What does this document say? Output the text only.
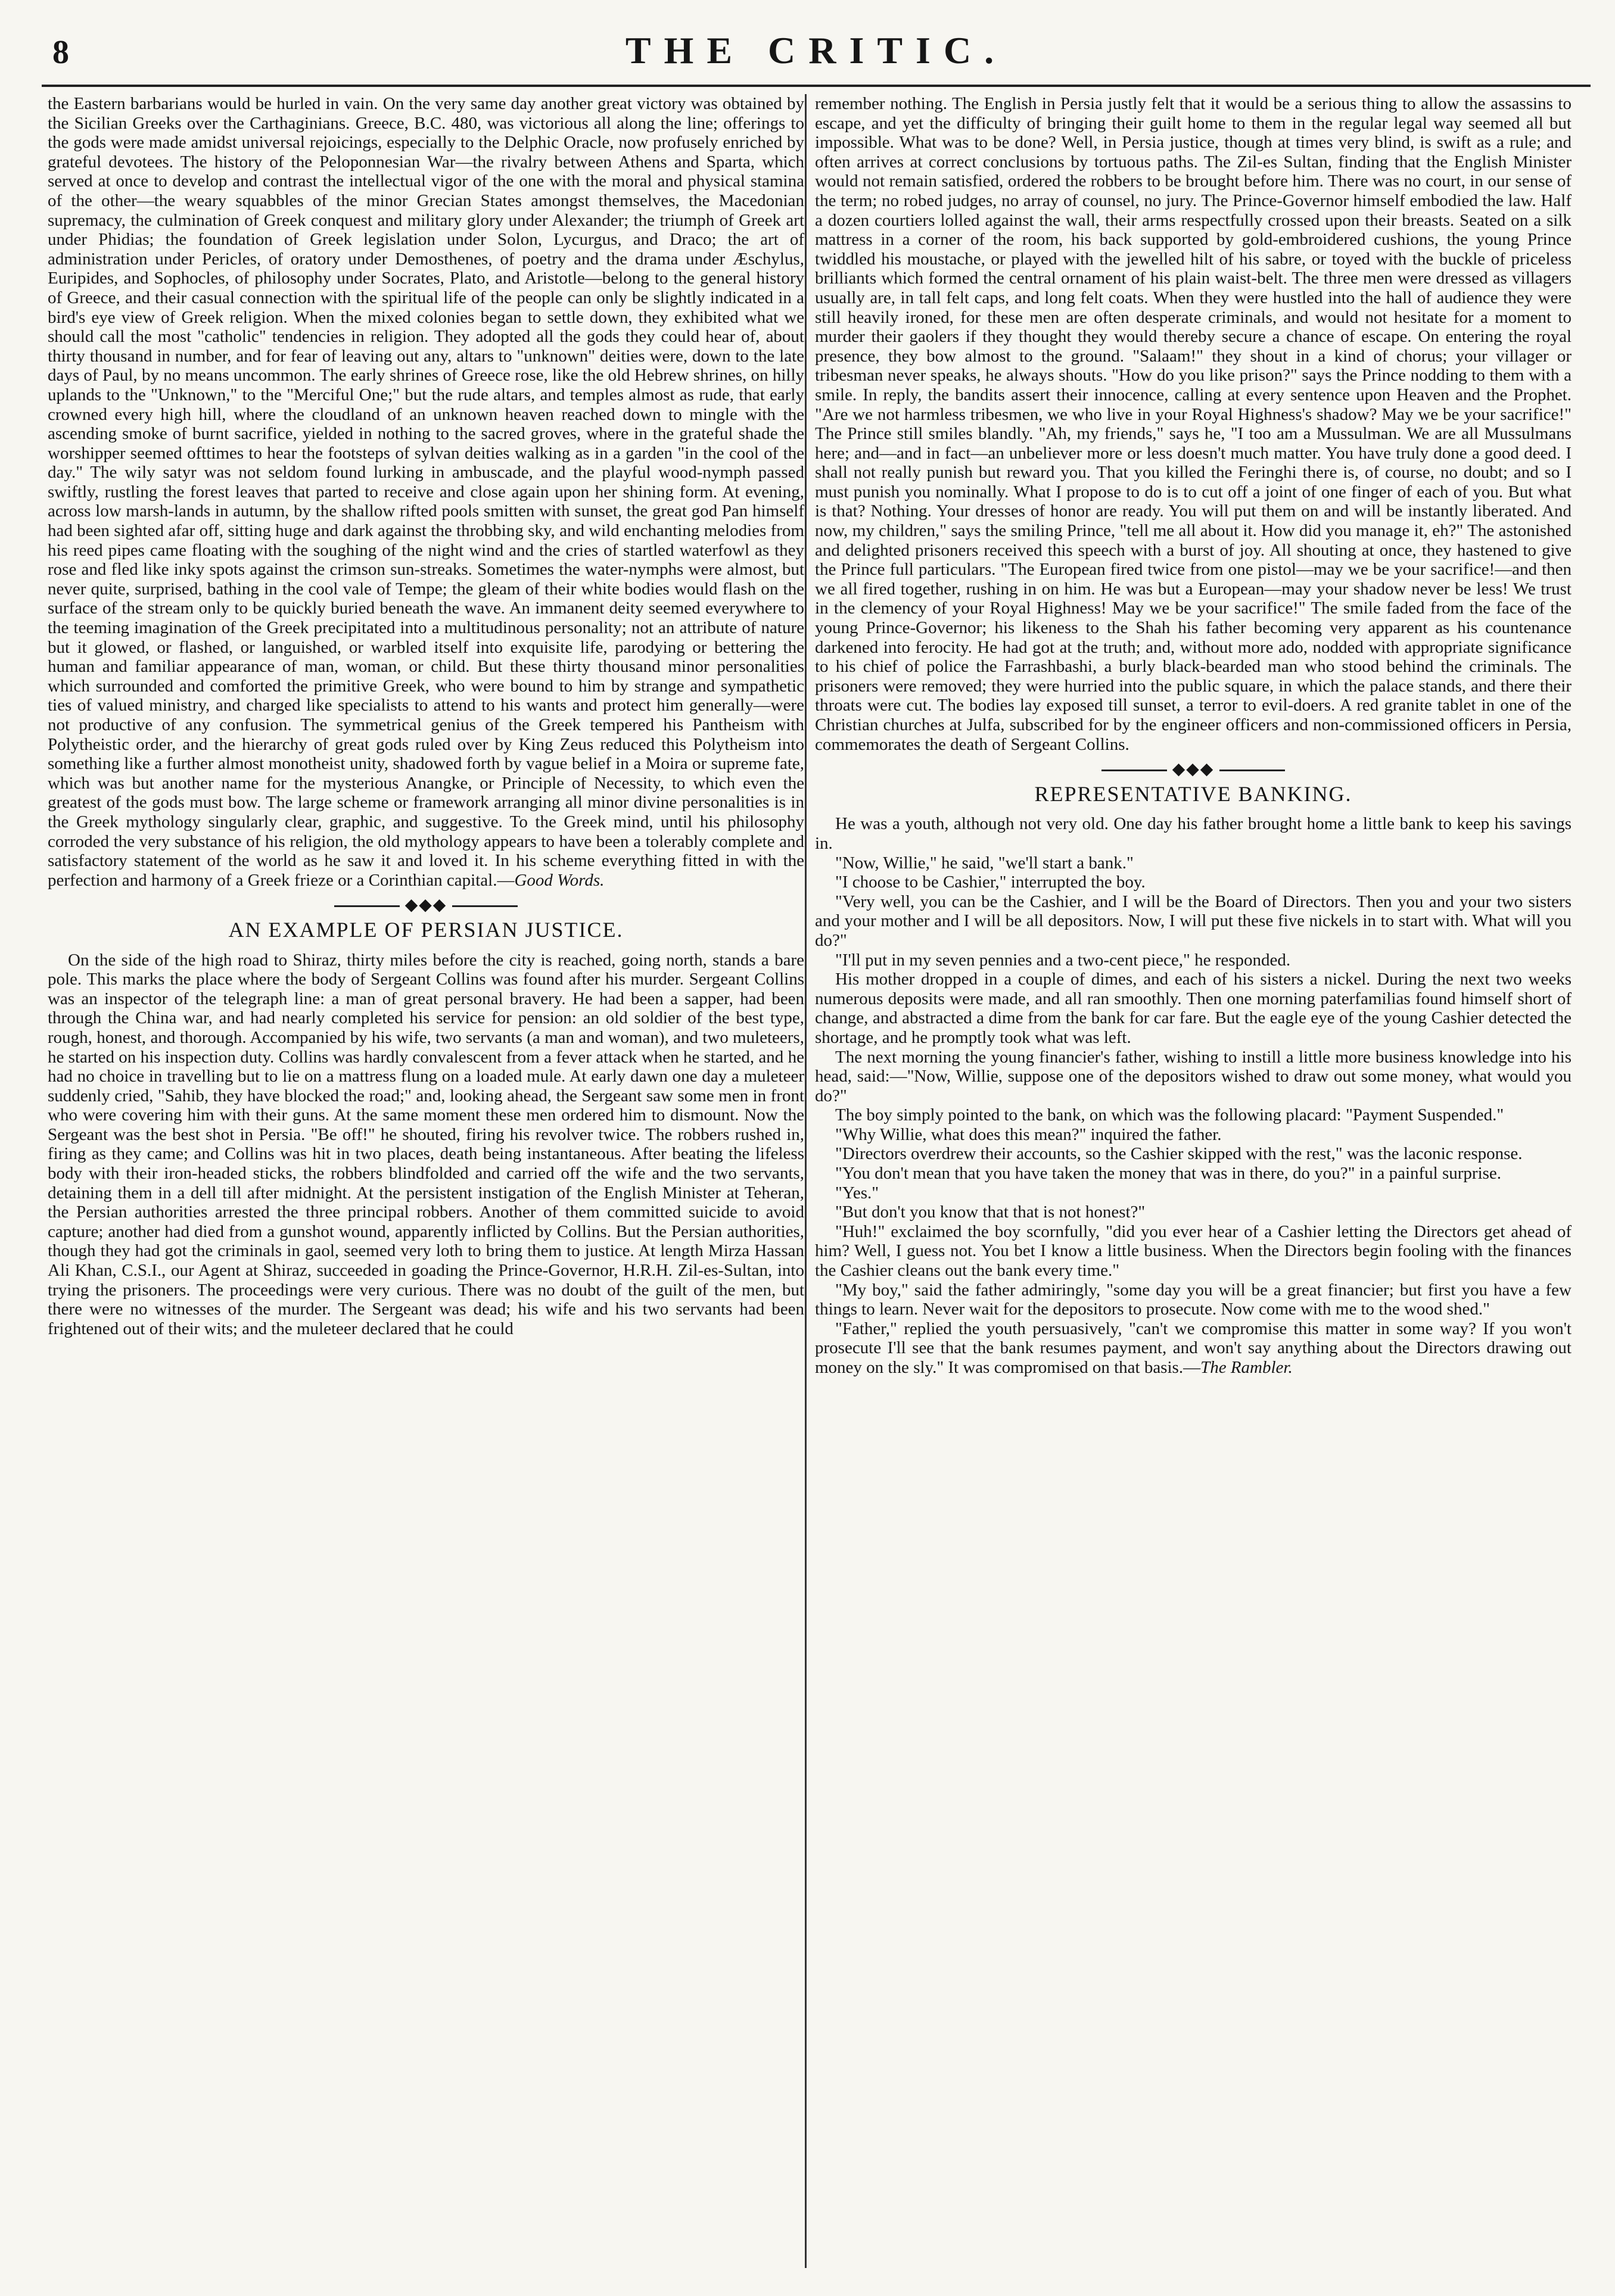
8	THE CRITIC.

the Eastern barbarians would be hurled in vain. On the very same day another great victory was obtained by the Sicilian Greeks over the Carthaginians. Greece, B.C. 480, was victorious all along the line; offerings to the gods were made amidst universal rejoicings, especially to the Delphic Oracle, now profusely enriched by grateful devotees. The history of the Peloponnesian War—the rivalry between Athens and Sparta, which served at once to develop and contrast the intellectual vigor of the one with the moral and physical stamina of the other—the weary squabbles of the minor Grecian States amongst themselves, the Macedonian supremacy, the culmination of Greek conquest and military glory under Alexander; the triumph of Greek art under Phidias; the foundation of Greek legislation under Solon, Lycurgus, and Draco; the art of administration under Pericles, of oratory under Demosthenes, of poetry and the drama under Æschylus, Euripides, and Sophocles, of philosophy under Socrates, Plato, and Aristotle—belong to the general history of Greece, and their casual connection with the spiritual life of the people can only be slightly indicated in a bird's eye view of Greek religion. When the mixed colonies began to settle down, they exhibited what we should call the most "catholic" tendencies in religion. They adopted all the gods they could hear of, about thirty thousand in number, and for fear of leaving out any, altars to "unknown" deities were, down to the late days of Paul, by no means uncommon. The early shrines of Greece rose, like the old Hebrew shrines, on hilly uplands to the "Unknown," to the "Merciful One;" but the rude altars, and temples almost as rude, that early crowned every high hill, where the cloudland of an unknown heaven reached down to mingle with the ascending smoke of burnt sacrifice, yielded in nothing to the sacred groves, where in the grateful shade the worshipper seemed ofttimes to hear the footsteps of sylvan deities walking as in a garden "in the cool of the day." The wily satyr was not seldom found lurking in ambuscade, and the playful wood-nymph passed swiftly, rustling the forest leaves that parted to receive and close again upon her shining form. At evening, across low marsh-lands in autumn, by the shallow rifted pools smitten with sunset, the great god Pan himself had been sighted afar off, sitting huge and dark against the throbbing sky, and wild enchanting melodies from his reed pipes came floating with the soughing of the night wind and the cries of startled waterfowl as they rose and fled like inky spots against the crimson sun-streaks. Sometimes the water-nymphs were almost, but never quite, surprised, bathing in the cool vale of Tempe; the gleam of their white bodies would flash on the surface of the stream only to be quickly buried beneath the wave. An immanent deity seemed everywhere to the teeming imagination of the Greek precipitated into a multitudinous personality; not an attribute of nature but it glowed, or flashed, or languished, or warbled itself into exquisite life, parodying or bettering the human and familiar appearance of man, woman, or child. But these thirty thousand minor personalities which surrounded and comforted the primitive Greek, who were bound to him by strange and sympathetic ties of valued ministry, and charged like specialists to attend to his wants and protect him generally—were not productive of any confusion. The symmetrical genius of the Greek tempered his Pantheism with Polytheistic order, and the hierarchy of great gods ruled over by King Zeus reduced this Polytheism into something like a further almost monotheist unity, shadowed forth by vague belief in a Moira or supreme fate, which was but another name for the mysterious Anangke, or Principle of Necessity, to which even the greatest of the gods must bow. The large scheme or framework arranging all minor divine personalities is in the Greek mythology singularly clear, graphic, and suggestive. To the Greek mind, until his philosophy corroded the very substance of his religion, the old mythology appears to have been a tolerably complete and satisfactory statement of the world as he saw it and loved it. In his scheme everything fitted in with the perfection and harmony of a Greek frieze or a Corinthian capital.—Good Words.

◆◆◆
AN EXAMPLE OF PERSIAN JUSTICE.

On the side of the high road to Shiraz, thirty miles before the city is reached, going north, stands a bare pole. This marks the place where the body of Sergeant Collins was found after his murder. Sergeant Collins was an inspector of the telegraph line: a man of great personal bravery. He had been a sapper, had been through the China war, and had nearly completed his service for pension: an old soldier of the best type, rough, honest, and thorough. Accompanied by his wife, two servants (a man and woman), and two muleteers, he started on his inspection duty. Collins was hardly convalescent from a fever attack when he started, and he had no choice in travelling but to lie on a mattress flung on a loaded mule. At early dawn one day a muleteer suddenly cried, "Sahib, they have blocked the road;" and, looking ahead, the Sergeant saw some men in front who were covering him with their guns. At the same moment these men ordered him to dismount. Now the Sergeant was the best shot in Persia. "Be off!" he shouted, firing his revolver twice. The robbers rushed in, firing as they came; and Collins was hit in two places, death being instantaneous. After beating the lifeless body with their iron-headed sticks, the robbers blindfolded and carried off the wife and the two servants, detaining them in a dell till after midnight. At the persistent instigation of the English Minister at Teheran, the Persian authorities arrested the three principal robbers. Another of them committed suicide to avoid capture; another had died from a gunshot wound, apparently inflicted by Collins. But the Persian authorities, though they had got the criminals in gaol, seemed very loth to bring them to justice. At length Mirza Hassan Ali Khan, C.S.I., our Agent at Shiraz, succeeded in goading the Prince-Governor, H.R.H. Zil-es-Sultan, into trying the prisoners. The proceedings were very curious. There was no doubt of the guilt of the men, but there were no witnesses of the murder. The Sergeant was dead; his wife and his two servants had been frightened out of their wits; and the muleteer declared that he could

remember nothing. The English in Persia justly felt that it would be a serious thing to allow the assassins to escape, and yet the difficulty of bringing their guilt home to them in the regular legal way seemed all but impossible. What was to be done? Well, in Persia justice, though at times very blind, is swift as a rule; and often arrives at correct conclusions by tortuous paths. The Zil-es Sultan, finding that the English Minister would not remain satisfied, ordered the robbers to be brought before him. There was no court, in our sense of the term; no robed judges, no array of counsel, no jury. The Prince-Governor himself embodied the law. Half a dozen courtiers lolled against the wall, their arms respectfully crossed upon their breasts. Seated on a silk mattress in a corner of the room, his back supported by gold-embroidered cushions, the young Prince twiddled his moustache, or played with the jewelled hilt of his sabre, or toyed with the buckle of priceless brilliants which formed the central ornament of his plain waist-belt. The three men were dressed as villagers usually are, in tall felt caps, and long felt coats. When they were hustled into the hall of audience they were still heavily ironed, for these men are often desperate criminals, and would not hesitate for a moment to murder their gaolers if they thought they would thereby secure a chance of escape. On entering the royal presence, they bow almost to the ground. "Salaam!" they shout in a kind of chorus; your villager or tribesman never speaks, he always shouts. "How do you like prison?" says the Prince nodding to them with a smile. In reply, the bandits assert their innocence, calling at every sentence upon Heaven and the Prophet. "Are we not harmless tribesmen, we who live in your Royal Highness's shadow? May we be your sacrifice!" The Prince still smiles blandly. "Ah, my friends," says he, "I too am a Mussulman. We are all Mussulmans here; and—and in fact—an unbeliever more or less doesn't much matter. You have truly done a good deed. I shall not really punish but reward you. That you killed the Feringhi there is, of course, no doubt; and so I must punish you nominally. What I propose to do is to cut off a joint of one finger of each of you. But what is that? Nothing. Your dresses of honor are ready. You will put them on and will be instantly liberated. And now, my children," says the smiling Prince, "tell me all about it. How did you manage it, eh?" The astonished and delighted prisoners received this speech with a burst of joy. All shouting at once, they hastened to give the Prince full particulars. "The European fired twice from one pistol—may we be your sacrifice!—and then we all fired together, rushing in on him. He was but a European—may your shadow never be less! We trust in the clemency of your Royal Highness! May we be your sacrifice!" The smile faded from the face of the young Prince-Governor; his likeness to the Shah his father becoming very apparent as his countenance darkened into ferocity. He had got at the truth; and, without more ado, nodded with appropriate significance to his chief of police the Farrashbashi, a burly black-bearded man who stood behind the criminals. The prisoners were removed; they were hurried into the public square, in which the palace stands, and there their throats were cut. The bodies lay exposed till sunset, a terror to evil-doers. A red granite tablet in one of the Christian churches at Julfa, subscribed for by the engineer officers and non-commissioned officers in Persia, commemorates the death of Sergeant Collins.

◆◆◆
REPRESENTATIVE BANKING.

He was a youth, although not very old. One day his father brought home a little bank to keep his savings in.

"Now, Willie," he said, "we'll start a bank."

"I choose to be Cashier," interrupted the boy.

"Very well, you can be the Cashier, and I will be the Board of Directors. Then you and your two sisters and your mother and I will be all depositors. Now, I will put these five nickels in to start with. What will you do?"

"I'll put in my seven pennies and a two-cent piece," he responded.

His mother dropped in a couple of dimes, and each of his sisters a nickel. During the next two weeks numerous deposits were made, and all ran smoothly. Then one morning paterfamilias found himself short of change, and abstracted a dime from the bank for car fare. But the eagle eye of the young Cashier detected the shortage, and he promptly took what was left.

The next morning the young financier's father, wishing to instill a little more business knowledge into his head, said:—"Now, Willie, suppose one of the depositors wished to draw out some money, what would you do?"

The boy simply pointed to the bank, on which was the following placard: "Payment Suspended."

"Why Willie, what does this mean?" inquired the father.

"Directors overdrew their accounts, so the Cashier skipped with the rest," was the laconic response.

"You don't mean that you have taken the money that was in there, do you?" in a painful surprise.

"Yes."

"But don't you know that that is not honest?"

"Huh!" exclaimed the boy scornfully, "did you ever hear of a Cashier letting the Directors get ahead of him? Well, I guess not. You bet I know a little business. When the Directors begin fooling with the finances the Cashier cleans out the bank every time."

"My boy," said the father admiringly, "some day you will be a great financier; but first you have a few things to learn. Never wait for the depositors to prosecute. Now come with me to the wood shed."

"Father," replied the youth persuasively, "can't we compromise this matter in some way? If you won't prosecute I'll see that the bank resumes payment, and won't say anything about the Directors drawing out money on the sly." It was compromised on that basis.—The Rambler.
